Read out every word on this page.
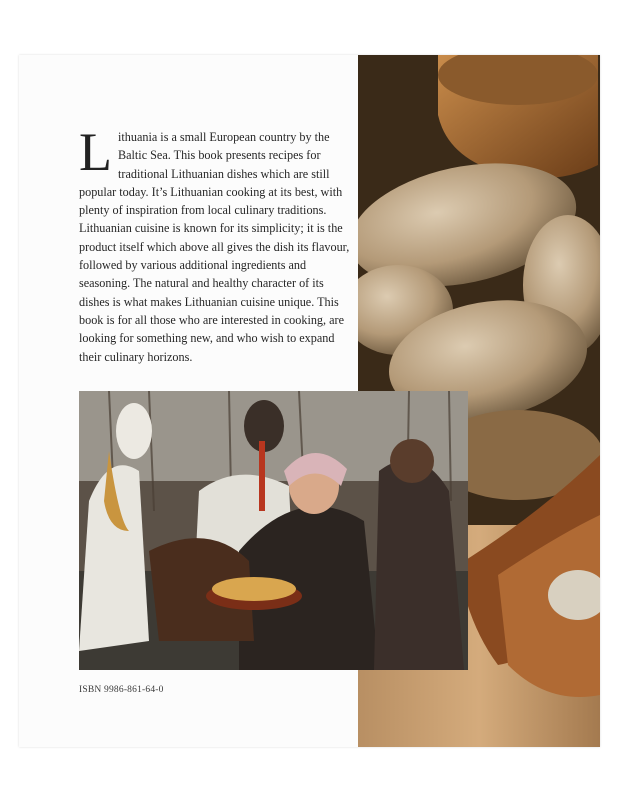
Lithuania is a small European country by the Baltic Sea. This book presents recipes for traditional Lithuanian dishes which are still popular today. It’s Lithuanian cooking at its best, with plenty of inspiration from local culinary traditions. Lithuanian cuisine is known for its simplicity; it is the product itself which above all gives the dish its flavour, followed by various additional ingredients and seasoning. The natural and healthy character of its dishes is what makes Lithuanian cuisine unique. This book is for all those who are interested in cooking, are looking for something new, and who wish to expand their culinary horizons.

ISBN 9986-861-64-0
